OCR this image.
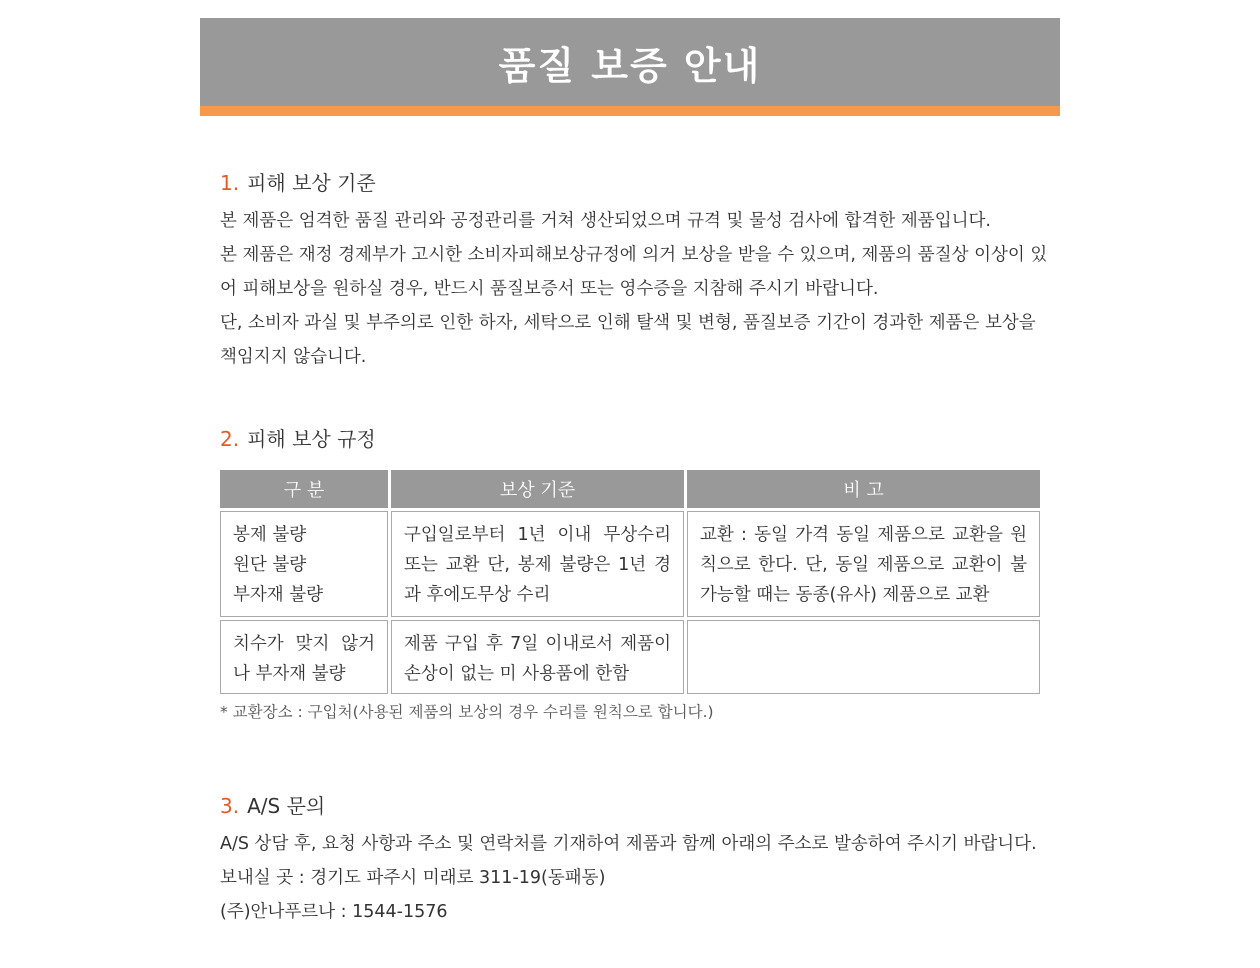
품질 보증 안내
1. 피해 보상 기준

본 제품은 엄격한 품질 관리와 공정관리를 거쳐 생산되었으며 규격 및 물성 검사에 합격한 제품입니다.

본 제품은 재정 경제부가 고시한 소비자피해보상규정에 의거 보상을 받을 수 있으며, 제품의 품질상 이상이 있어 피해보상을 원하실 경우, 반드시 품질보증서 또는 영수증을 지참해 주시기 바랍니다.

단, 소비자 과실 및 부주의로 인한 하자, 세탁으로 인해 탈색 및 변형, 품질보증 기간이 경과한 제품은 보상을 책임지지 않습니다.

2. 피해 보상 규정
구 분	보상 기준	비 고
봉제 불량
원단 불량
부자재 불량
구입일로부터 1년 이내 무상수리 또는 교환 단, 봉제 불량은 1년 경과 후에도무상 수리
교환 : 동일 가격 동일 제품으로 교환을 원칙으로 한다. 단, 동일 제품으로 교환이 불가능할 때는 동종(유사) 제품으로 교환
치수가 맞지 않거나 부자재 불량
제품 구입 후 7일 이내로서 제품이 손상이 없는 미 사용품에 한함

* 교환장소 : 구입처(사용된 제품의 보상의 경우 수리를 원칙으로 합니다.)

3. A/S 문의

A/S 상담 후, 요청 사항과 주소 및 연락처를 기재하여 제품과 함께 아래의 주소로 발송하여 주시기 바랍니다.

보내실 곳 : 경기도 파주시 미래로 311-19(동패동)

(주)안나푸르나 : 1544-1576
